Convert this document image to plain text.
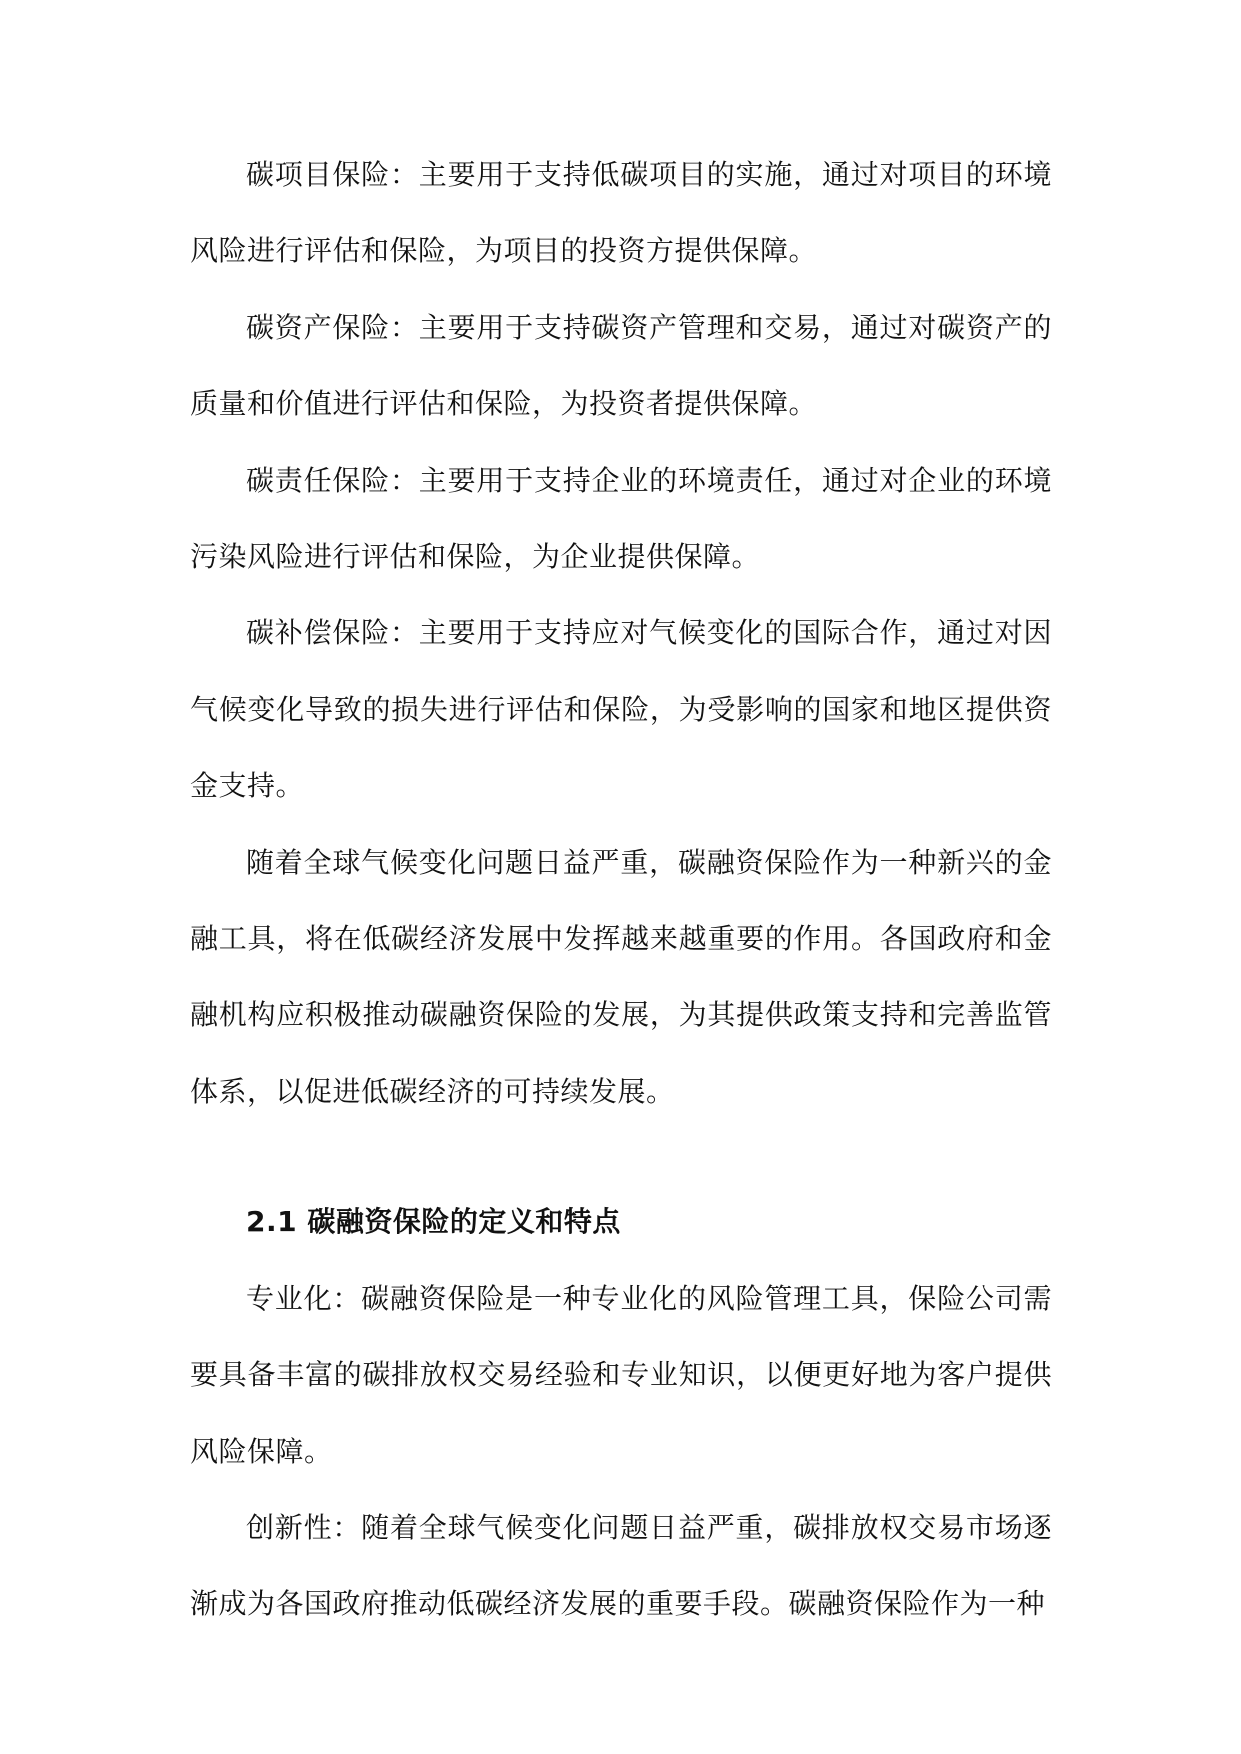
碳项目保险：主要用于支持低碳项目的实施，通过对项目的环境风险进行评估和保险，为项目的投资方提供保障。

碳资产保险：主要用于支持碳资产管理和交易，通过对碳资产的质量和价值进行评估和保险，为投资者提供保障。

碳责任保险：主要用于支持企业的环境责任，通过对企业的环境污染风险进行评估和保险，为企业提供保障。

碳补偿保险：主要用于支持应对气候变化的国际合作，通过对因气候变化导致的损失进行评估和保险，为受影响的国家和地区提供资金支持。

随着全球气候变化问题日益严重，碳融资保险作为一种新兴的金融工具，将在低碳经济发展中发挥越来越重要的作用。各国政府和金融机构应积极推动碳融资保险的发展，为其提供政策支持和完善监管体系，以促进低碳经济的可持续发展。

2.1 碳融资保险的定义和特点

专业化：碳融资保险是一种专业化的风险管理工具，保险公司需要具备丰富的碳排放权交易经验和专业知识，以便更好地为客户提供风险保障。

创新性：随着全球气候变化问题日益严重，碳排放权交易市场逐渐成为各国政府推动低碳经济发展的重要手段。碳融资保险作为一种
